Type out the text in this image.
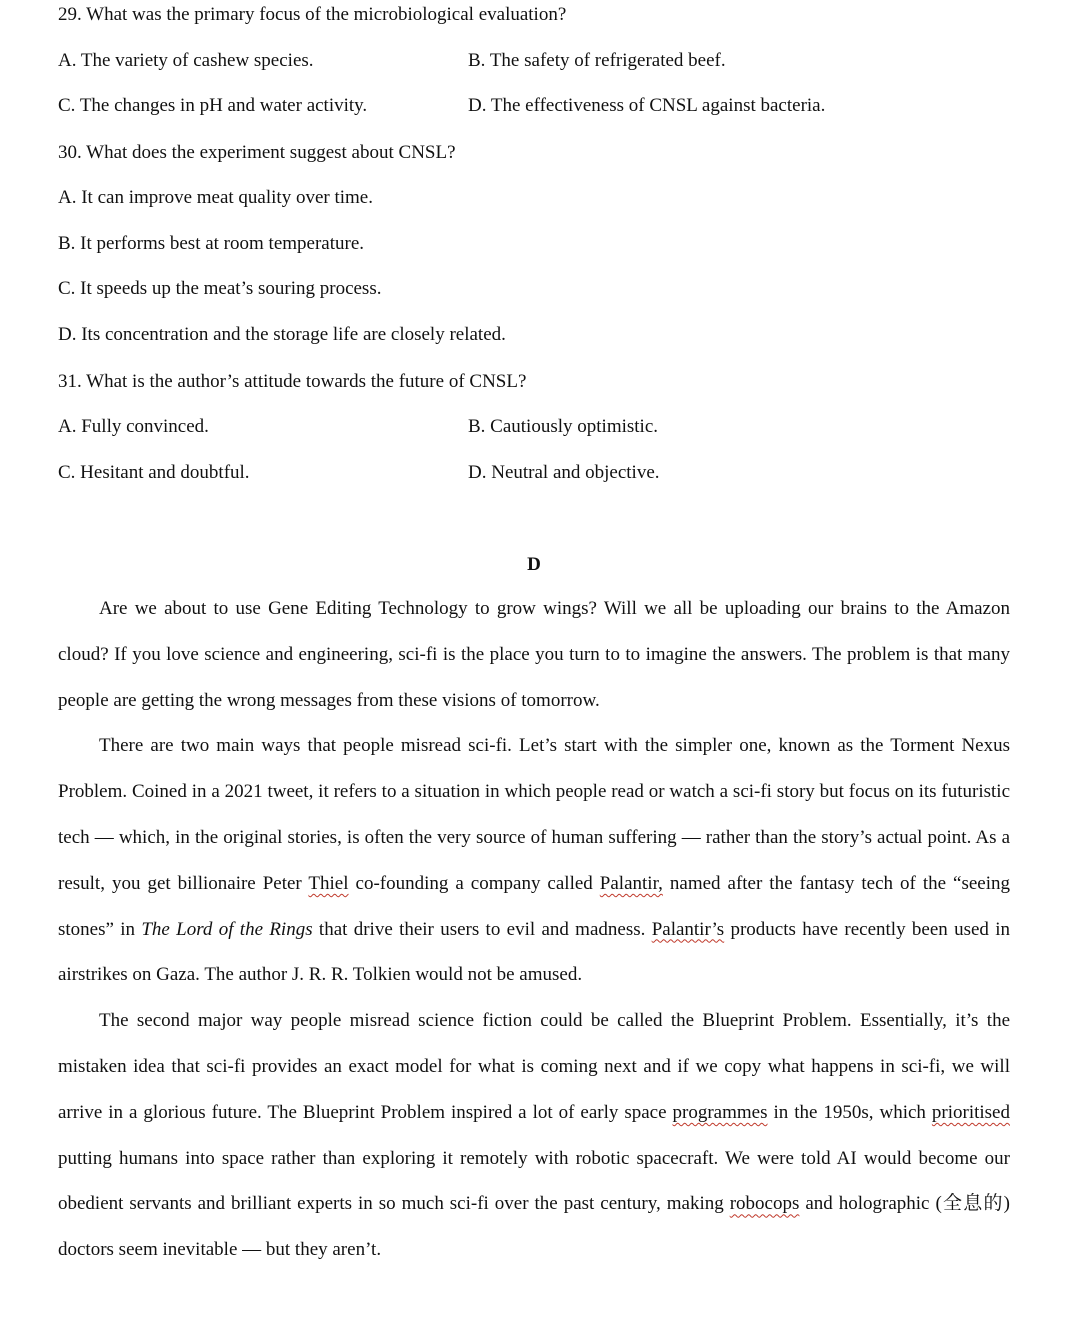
29. What was the primary focus of the microbiological evaluation?
A. The variety of cashew species.	B. The safety of refrigerated beef.
C. The changes in pH and water activity.	D. The effectiveness of CNSL against bacteria.
30. What does the experiment suggest about CNSL?
A. It can improve meat quality over time.
B. It performs best at room temperature.
C. It speeds up the meat’s souring process.
D. Its concentration and the storage life are closely related.
31. What is the author’s attitude towards the future of CNSL?
A. Fully convinced.	B. Cautiously optimistic.
C. Hesitant and doubtful.	D. Neutral and objective.
D

Are we about to use Gene Editing Technology to grow wings? Will we all be uploading our brains to the Amazon cloud? If you love science and engineering, sci-fi is the place you turn to to imagine the answers. The problem is that many people are getting the wrong messages from these visions of tomorrow.

There are two main ways that people misread sci-fi. Let’s start with the simpler one, known as the Torment Nexus Problem. Coined in a 2021 tweet, it refers to a situation in which people read or watch a sci-fi story but focus on its futuristic tech — which, in the original stories, is often the very source of human suffering — rather than the story’s actual point. As a result, you get billionaire Peter Thiel co-founding a company called Palantir, named after the fantasy tech of the “seeing stones” in The Lord of the Rings that drive their users to evil and madness. Palantir’s products have recently been used in airstrikes on Gaza. The author J. R. R. Tolkien would not be amused.

The second major way people misread science fiction could be called the Blueprint Problem. Essentially, it’s the mistaken idea that sci-fi provides an exact model for what is coming next and if we copy what happens in sci-fi, we will arrive in a glorious future. The Blueprint Problem inspired a lot of early space programmes in the 1950s, which prioritised putting humans into space rather than exploring it remotely with robotic spacecraft. We were told AI would become our obedient servants and brilliant experts in so much sci-fi over the past century, making robocops and holographic (全息的) doctors seem inevitable — but they aren’t.
